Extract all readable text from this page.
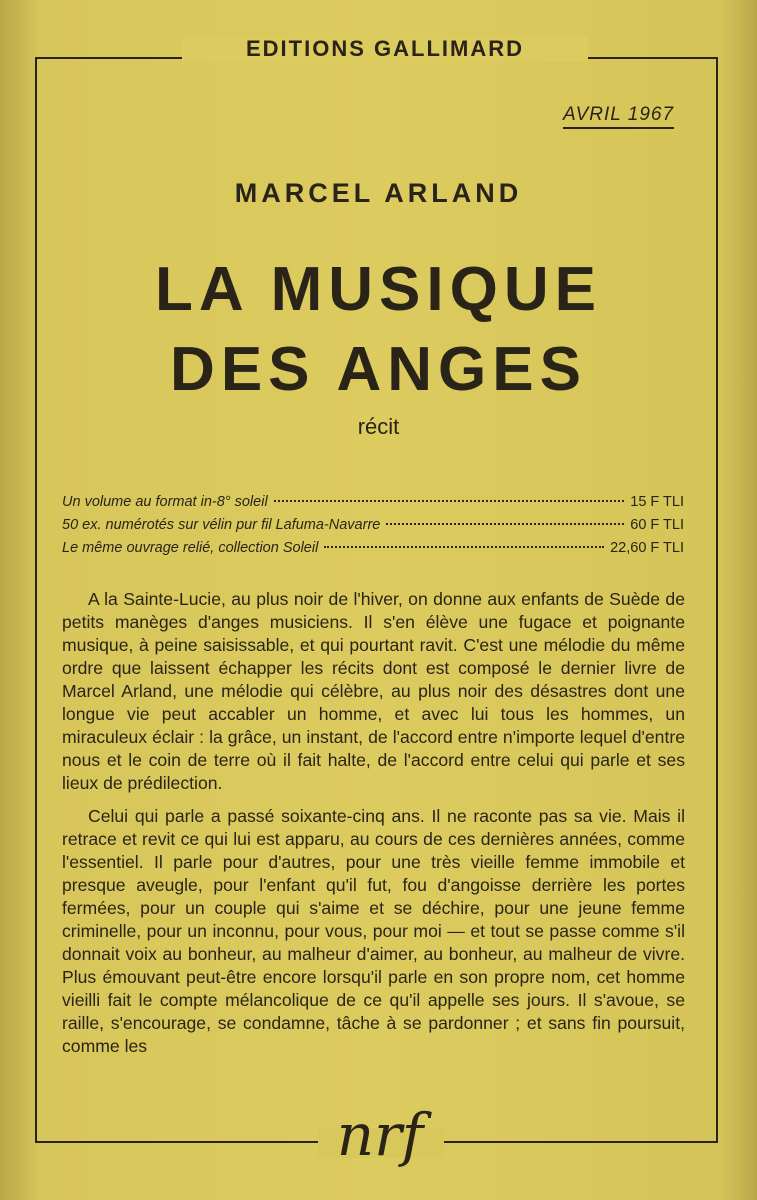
EDITIONS GALLIMARD
AVRIL 1967
MARCEL ARLAND
LA MUSIQUE
DES ANGES
récit
Un volume au format in-8° soleil	15 F TLI
50 ex. numérotés sur vélin pur fil Lafuma-Navarre	60 F TLI
Le même ouvrage relié, collection Soleil	22,60 F TLI

A la Sainte-Lucie, au plus noir de l'hiver, on donne aux enfants de Suède de petits manèges d'anges musiciens. Il s'en élève une fugace et poignante musique, à peine saisissable, et qui pourtant ravit. C'est une mélodie du même ordre que laissent échapper les récits dont est composé le dernier livre de Marcel Arland, une mélodie qui célèbre, au plus noir des désastres dont une longue vie peut accabler un homme, et avec lui tous les hommes, un miraculeux éclair : la grâce, un instant, de l'accord entre n'importe lequel d'entre nous et le coin de terre où il fait halte, de l'accord entre celui qui parle et ses lieux de prédilection.

Celui qui parle a passé soixante-cinq ans. Il ne raconte pas sa vie. Mais il retrace et revit ce qui lui est apparu, au cours de ces dernières années, comme l'essentiel. Il parle pour d'autres, pour une très vieille femme immobile et presque aveugle, pour l'enfant qu'il fut, fou d'angoisse derrière les portes fermées, pour un couple qui s'aime et se déchire, pour une jeune femme criminelle, pour un inconnu, pour vous, pour moi — et tout se passe comme s'il donnait voix au bonheur, au malheur d'aimer, au bonheur, au malheur de vivre. Plus émouvant peut-être encore lorsqu'il parle en son propre nom, cet homme vieilli fait le compte mélancolique de ce qu'il appelle ses jours. Il s'avoue, se raille, s'encourage, se condamne, tâche à se pardonner ; et sans fin poursuit, comme les

nrf
